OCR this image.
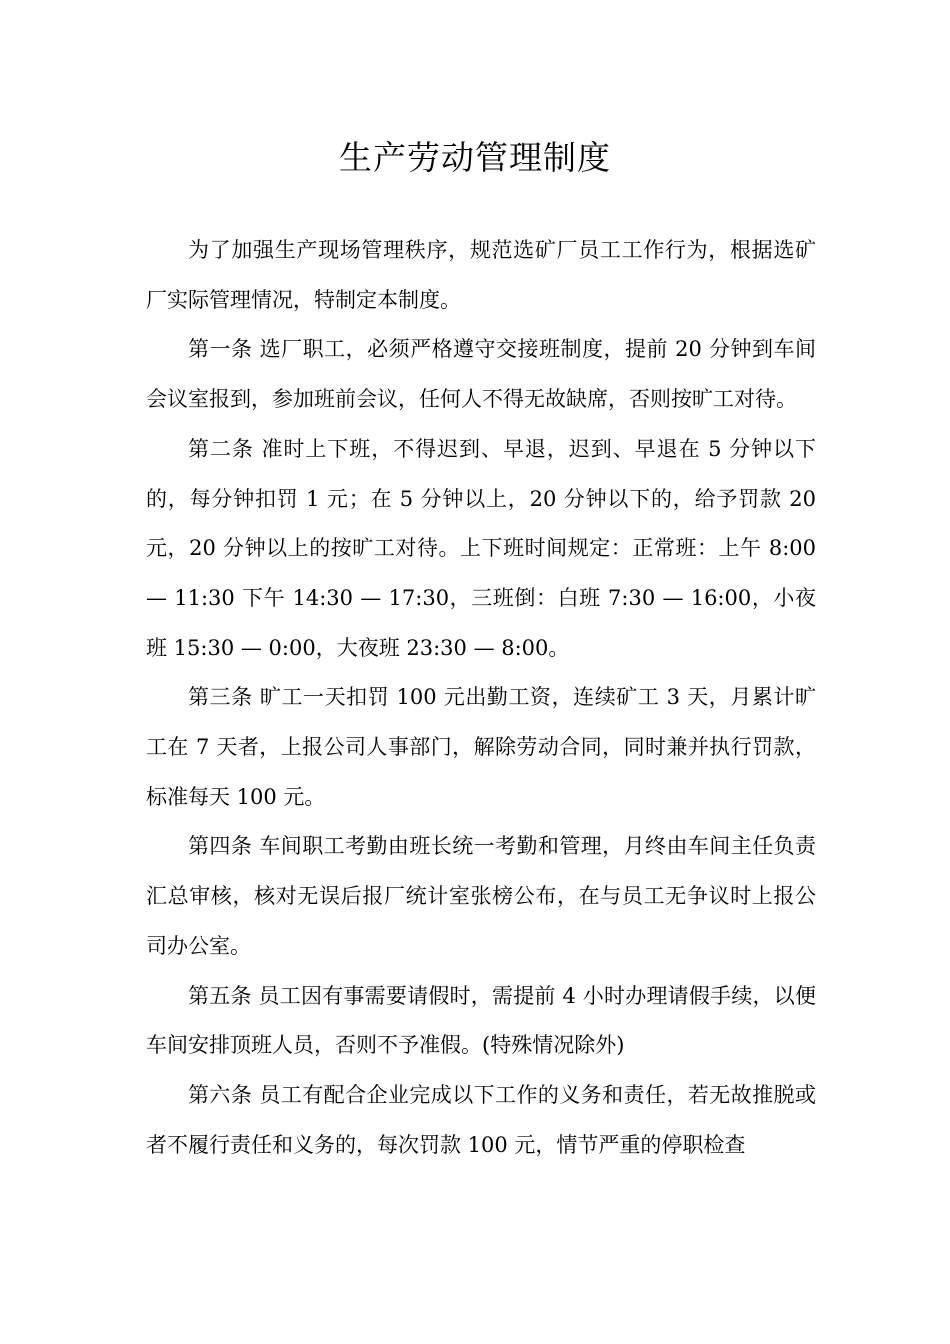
生产劳动管理制度

为了加强生产现场管理秩序，规范选矿厂员工工作行为，根据选矿厂实际管理情况，特制定本制度。

第一条 选厂职工，必须严格遵守交接班制度，提前 20 分钟到车间会议室报到，参加班前会议，任何人不得无故缺席，否则按旷工对待。

第二条 准时上下班，不得迟到、早退，迟到、早退在 5 分钟以下的，每分钟扣罚 1 元；在 5 分钟以上，20 分钟以下的，给予罚款 20 元，20 分钟以上的按旷工对待。上下班时间规定：正常班：上午 8:00 — 11:30 下午 14:30 — 17:30，三班倒：白班 7:30 — 16:00，小夜班 15:30 — 0:00，大夜班 23:30 — 8:00。

第三条 旷工一天扣罚 100 元出勤工资，连续矿工 3 天，月累计旷工在 7 天者，上报公司人事部门，解除劳动合同，同时兼并执行罚款，标准每天 100 元。

第四条 车间职工考勤由班长统一考勤和管理，月终由车间主任负责汇总审核，核对无误后报厂统计室张榜公布，在与员工无争议时上报公司办公室。

第五条 员工因有事需要请假时，需提前 4 小时办理请假手续，以便车间安排顶班人员，否则不予准假。(特殊情况除外)

第六条 员工有配合企业完成以下工作的义务和责任，若无故推脱或者不履行责任和义务的，每次罚款 100 元，情节严重的停职检查
